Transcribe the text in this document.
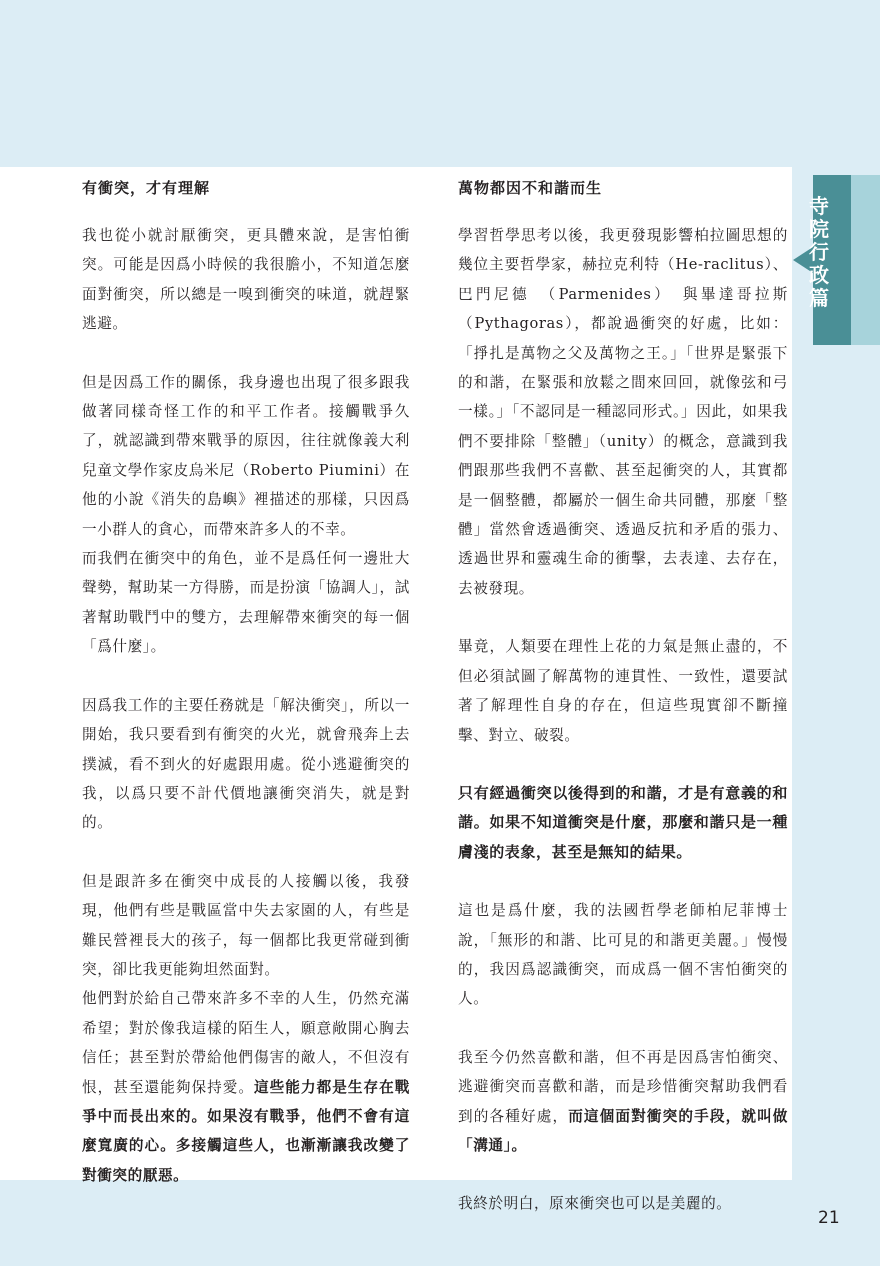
有衝突，才有理解

我也從小就討厭衝突，更具體來說，是害怕衝突。可能是因爲小時候的我很膽小，不知道怎麼面對衝突，所以總是一嗅到衝突的味道，就趕緊逃避。

但是因爲工作的關係，我身邊也出現了很多跟我做著同樣奇怪工作的和平工作者。接觸戰爭久了，就認識到帶來戰爭的原因，往往就像義大利兒童文學作家皮烏米尼（Roberto Piumini）在他的小說《消失的島嶼》裡描述的那樣，只因爲一小群人的貪心，而帶來許多人的不幸。

而我們在衝突中的角色，並不是爲任何一邊壯大聲勢，幫助某一方得勝，而是扮演「協調人」，試著幫助戰鬥中的雙方，去理解帶來衝突的每一個「爲什麼」。

因爲我工作的主要任務就是「解決衝突」，所以一開始，我只要看到有衝突的火光，就會飛奔上去撲滅，看不到火的好處跟用處。從小逃避衝突的我，以爲只要不計代價地讓衝突消失，就是對的。

但是跟許多在衝突中成長的人接觸以後，我發現，他們有些是戰區當中失去家園的人，有些是難民營裡長大的孩子，每一個都比我更常碰到衝突，卻比我更能夠坦然面對。

他們對於給自己帶來許多不幸的人生，仍然充滿希望；對於像我這樣的陌生人，願意敞開心胸去信任；甚至對於帶給他們傷害的敵人，不但沒有恨，甚至還能夠保持愛。這些能力都是生存在戰爭中而長出來的。如果沒有戰爭，他們不會有這麼寬廣的心。多接觸這些人，也漸漸讓我改變了對衝突的厭惡。

萬物都因不和諧而生

學習哲學思考以後，我更發現影響柏拉圖思想的幾位主要哲學家，赫拉克利特（He-raclitus）、巴門尼德　（Parmenides）　與畢達哥拉斯（Pythagoras），都說過衝突的好處，比如：「掙扎是萬物之父及萬物之王。」「世界是緊張下的和諧，在緊張和放鬆之間來回回，就像弦和弓一樣。」「不認同是一種認同形式。」因此，如果我們不要排除「整體」（unity）的概念，意識到我們跟那些我們不喜歡、甚至起衝突的人，其實都是一個整體，都屬於一個生命共同體，那麼「整體」當然會透過衝突、透過反抗和矛盾的張力、透過世界和靈魂生命的衝擊，去表達、去存在，去被發現。

畢竟，人類要在理性上花的力氣是無止盡的，不但必須試圖了解萬物的連貫性、一致性，還要試著了解理性自身的存在，但這些現實卻不斷撞擊、對立、破裂。

只有經過衝突以後得到的和諧，才是有意義的和諧。如果不知道衝突是什麼，那麼和諧只是一種膚淺的表象，甚至是無知的結果。

這也是爲什麼，我的法國哲學老師柏尼菲博士說，「無形的和諧、比可見的和諧更美麗。」慢慢的，我因爲認識衝突，而成爲一個不害怕衝突的人。

我至今仍然喜歡和諧，但不再是因爲害怕衝突、逃避衝突而喜歡和諧，而是珍惜衝突幫助我們看到的各種好處，而這個面對衝突的手段，就叫做「溝通」。

我終於明白，原來衝突也可以是美麗的。

寺院行政篇
21
